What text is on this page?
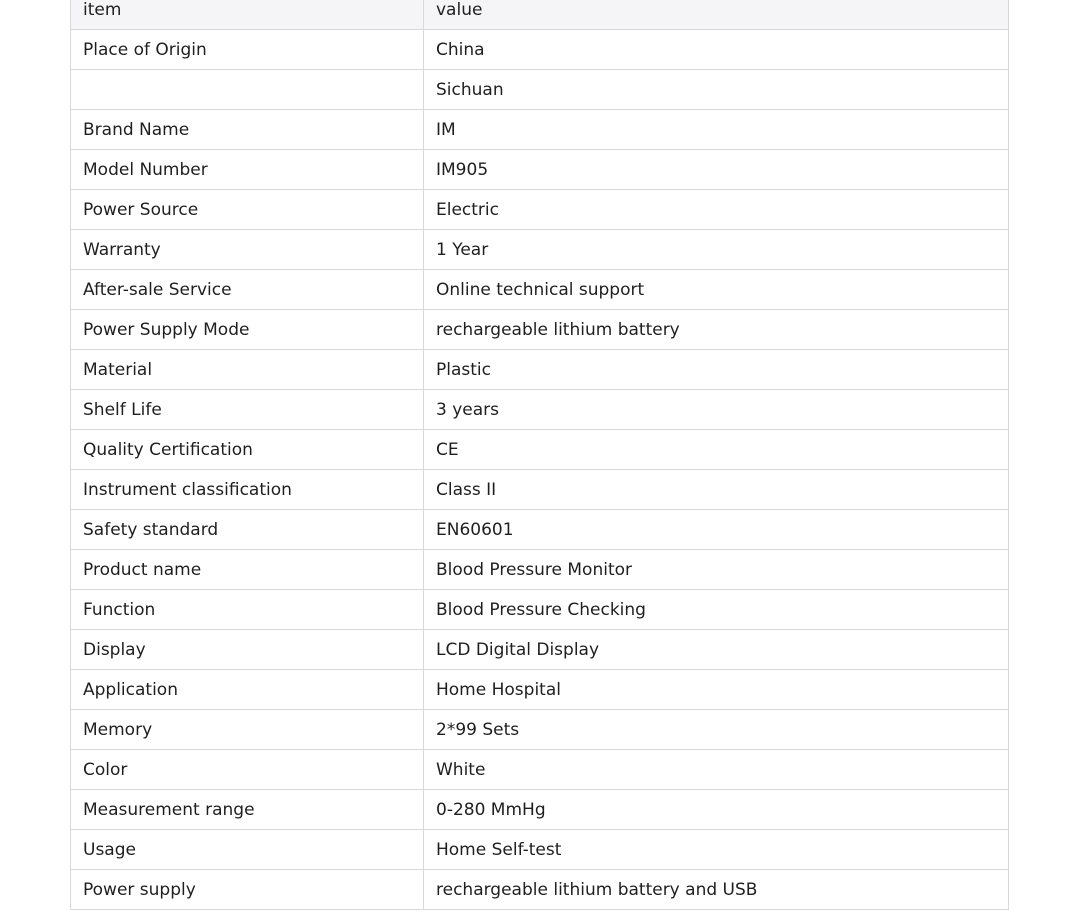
item	value
Place of Origin	China
	Sichuan
Brand Name	IM
Model Number	IM905
Power Source	Electric
Warranty	1 Year
After-sale Service	Online technical support
Power Supply Mode	rechargeable lithium battery
Material	Plastic
Shelf Life	3 years
Quality Certification	CE
Instrument classification	Class II
Safety standard	EN60601
Product name	Blood Pressure Monitor
Function	Blood Pressure Checking
Display	LCD Digital Display
Application	Home Hospital
Memory	2*99 Sets
Color	White
Measurement range	0-280 MmHg
Usage	Home Self-test
Power supply	rechargeable lithium battery and USB
